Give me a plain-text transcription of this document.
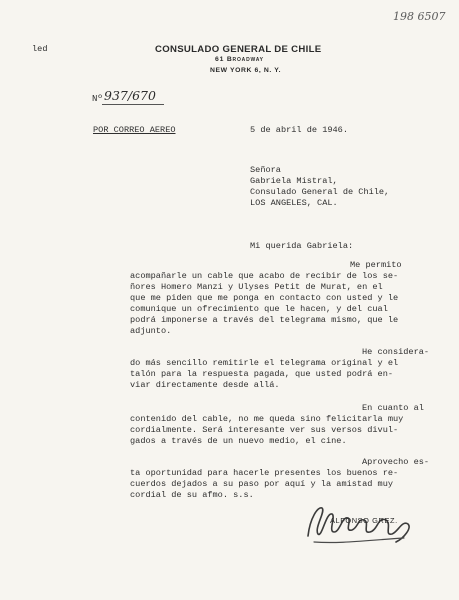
198 6507
led	CONSULADO GENERAL DE CHILE
61 Broadway
NEW YORK 6, N. Y.
Nº 937/670
POR CORREO AEREO	5 de abril de 1946.
Señora
Gabriela Mistral,
Consulado General de Chile,
LOS ANGELES, CAL.
Mi querida Gabriela:
Me permito
acompañarle un cable que acabo de recibir de los se-
ñores Homero Manzi y Ulyses Petit de Murat, en el
que me piden que me ponga en contacto con usted y le
comunique un ofrecimiento que le hacen, y del cual
podrá imponerse a través del telegrama mismo, que le
adjunto.
He considera-
do más sencillo remitirle el telegrama original y el
talón para la respuesta pagada, que usted podrá en-
viar directamente desde allá.
En cuanto al
contenido del cable, no me queda sino felicitarla muy
cordialmente. Será interesante ver sus versos divul-
gados a través de un nuevo medio, el cine.
Aprovecho es-
ta oportunidad para hacerle presentes los buenos re-
cuerdos dejados a su paso por aquí y la amistad muy
cordial de su afmo. s.s.
ALFONSO GREZ.
